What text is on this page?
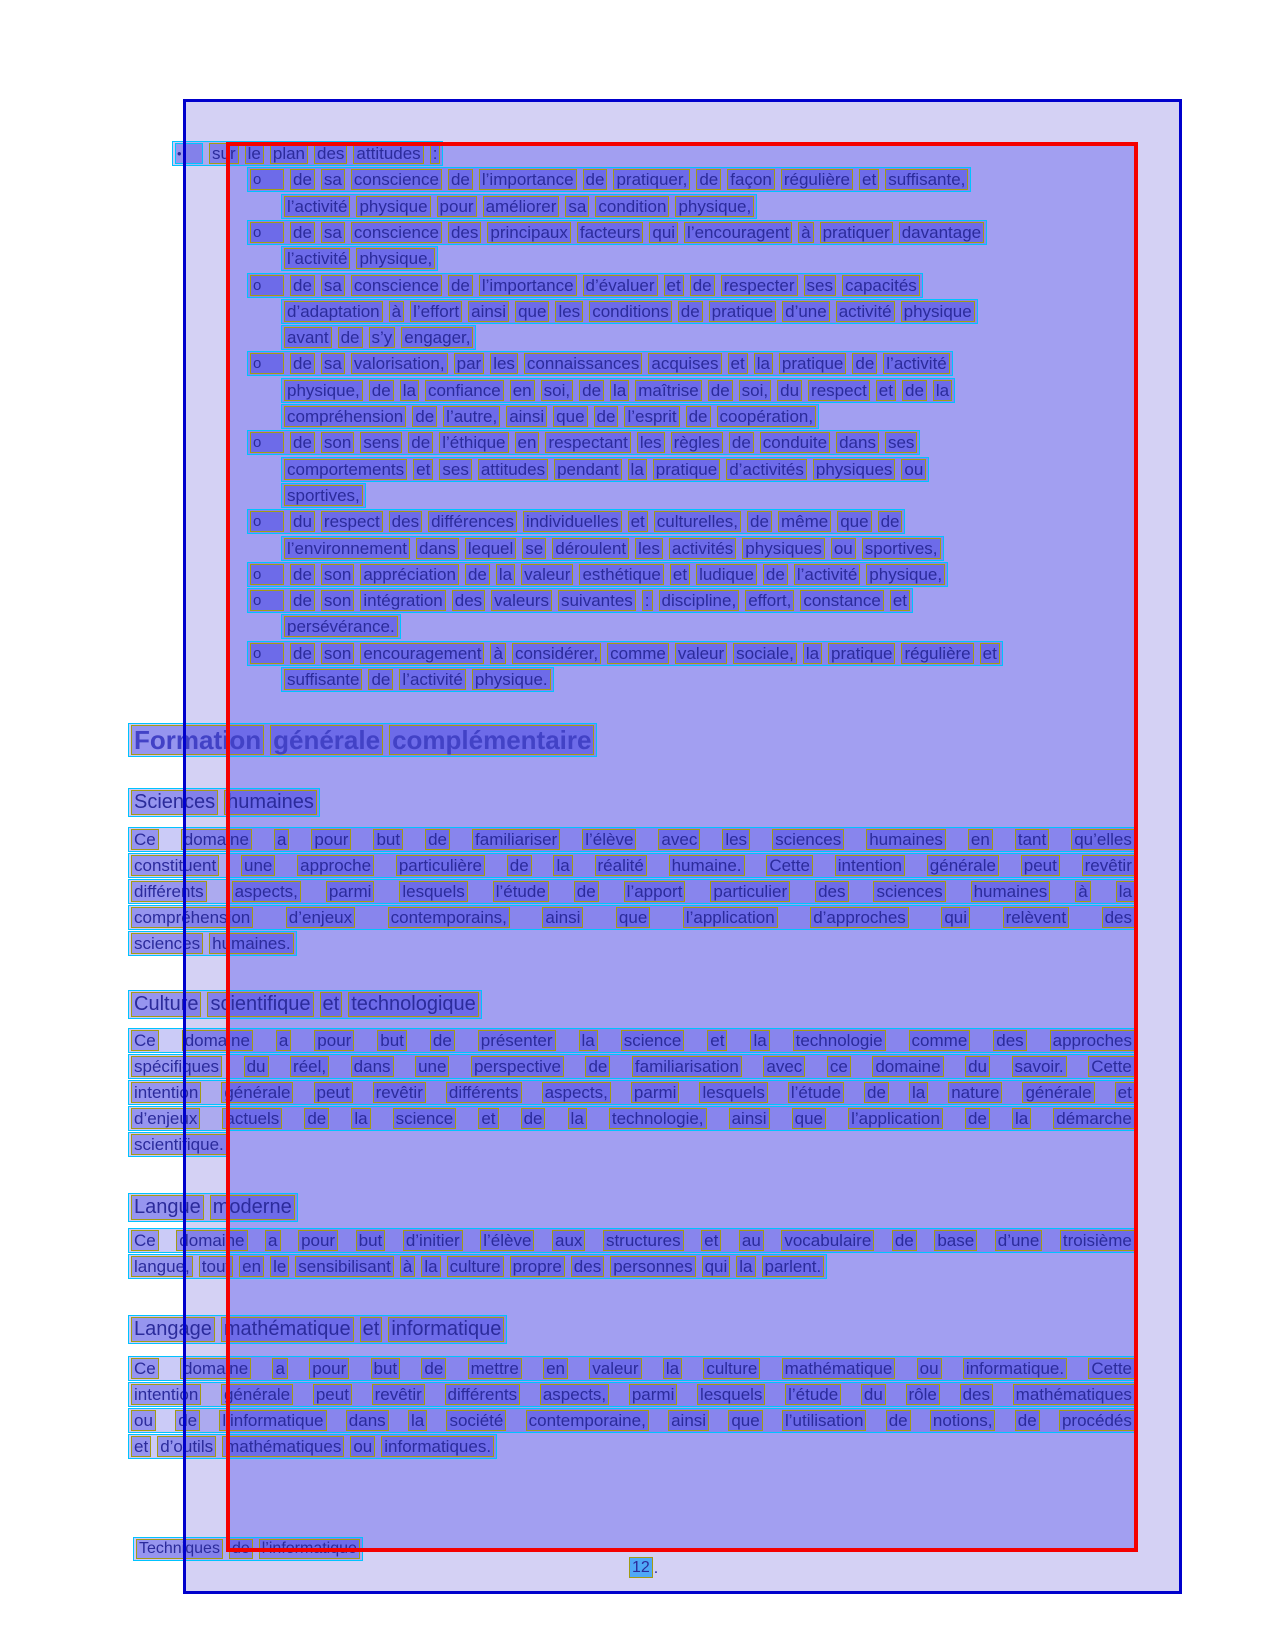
•	sur le plan des attitudes :
o	de sa conscience de l’importance de pratiquer, de façon régulière et suffisante,
l’activité physique pour améliorer sa condition physique,
o	de sa conscience des principaux facteurs qui l’encouragent à pratiquer davantage
l’activité physique,
o	de sa conscience de l’importance d’évaluer et de respecter ses capacités
d’adaptation à l’effort ainsi que les conditions de pratique d’une activité physique
avant de s’y engager,
o	de sa valorisation, par les connaissances acquises et la pratique de l’activité
physique, de la confiance en soi, de la maîtrise de soi, du respect et de la
compréhension de l’autre, ainsi que de l’esprit de coopération,
o	de son sens de l’éthique en respectant les règles de conduite dans ses
comportements et ses attitudes pendant la pratique d’activités physiques ou
sportives,
o	du respect des différences individuelles et culturelles, de même que de
l’environnement dans lequel se déroulent les activités physiques ou sportives,
o	de son appréciation de la valeur esthétique et ludique de l’activité physique,
o	de son intégration des valeurs suivantes : discipline, effort, constance et
persévérance.
o	de son encouragement à considérer, comme valeur sociale, la pratique régulière et
suffisante de l’activité physique.
Formation générale complémentaire
Sciences humaines
Ce domaine a pour but de familiariser l’élève avec les sciences humaines en tant qu’elles
constituent une approche particulière de la réalité humaine. Cette intention générale peut revêtir
différents aspects, parmi lesquels l’étude de l’apport particulier des sciences humaines à la
compréhension d’enjeux contemporains, ainsi que l’application d’approches qui relèvent des
sciences humaines.
Culture scientifique et technologique
Ce domaine a pour but de présenter la science et la technologie comme des approches
spécifiques du réel, dans une perspective de familiarisation avec ce domaine du savoir. Cette
intention générale peut revêtir différents aspects, parmi lesquels l’étude de la nature générale et
d’enjeux actuels de la science et de la technologie, ainsi que l’application de la démarche
scientifique.
Langue moderne
Ce domaine a pour but d’initier l’élève aux structures et au vocabulaire de base d’une troisième
langue, tout en le sensibilisant à la culture propre des personnes qui la parlent.
Langage mathématique et informatique
Ce domaine a pour but de mettre en valeur la culture mathématique ou informatique. Cette
intention générale peut revêtir différents aspects, parmi lesquels l’étude du rôle des mathématiques
ou de l’informatique dans la société contemporaine, ainsi que l’utilisation de notions, de procédés
et d’outils mathématiques ou informatiques.
Techniques de l’informatique
12 .
